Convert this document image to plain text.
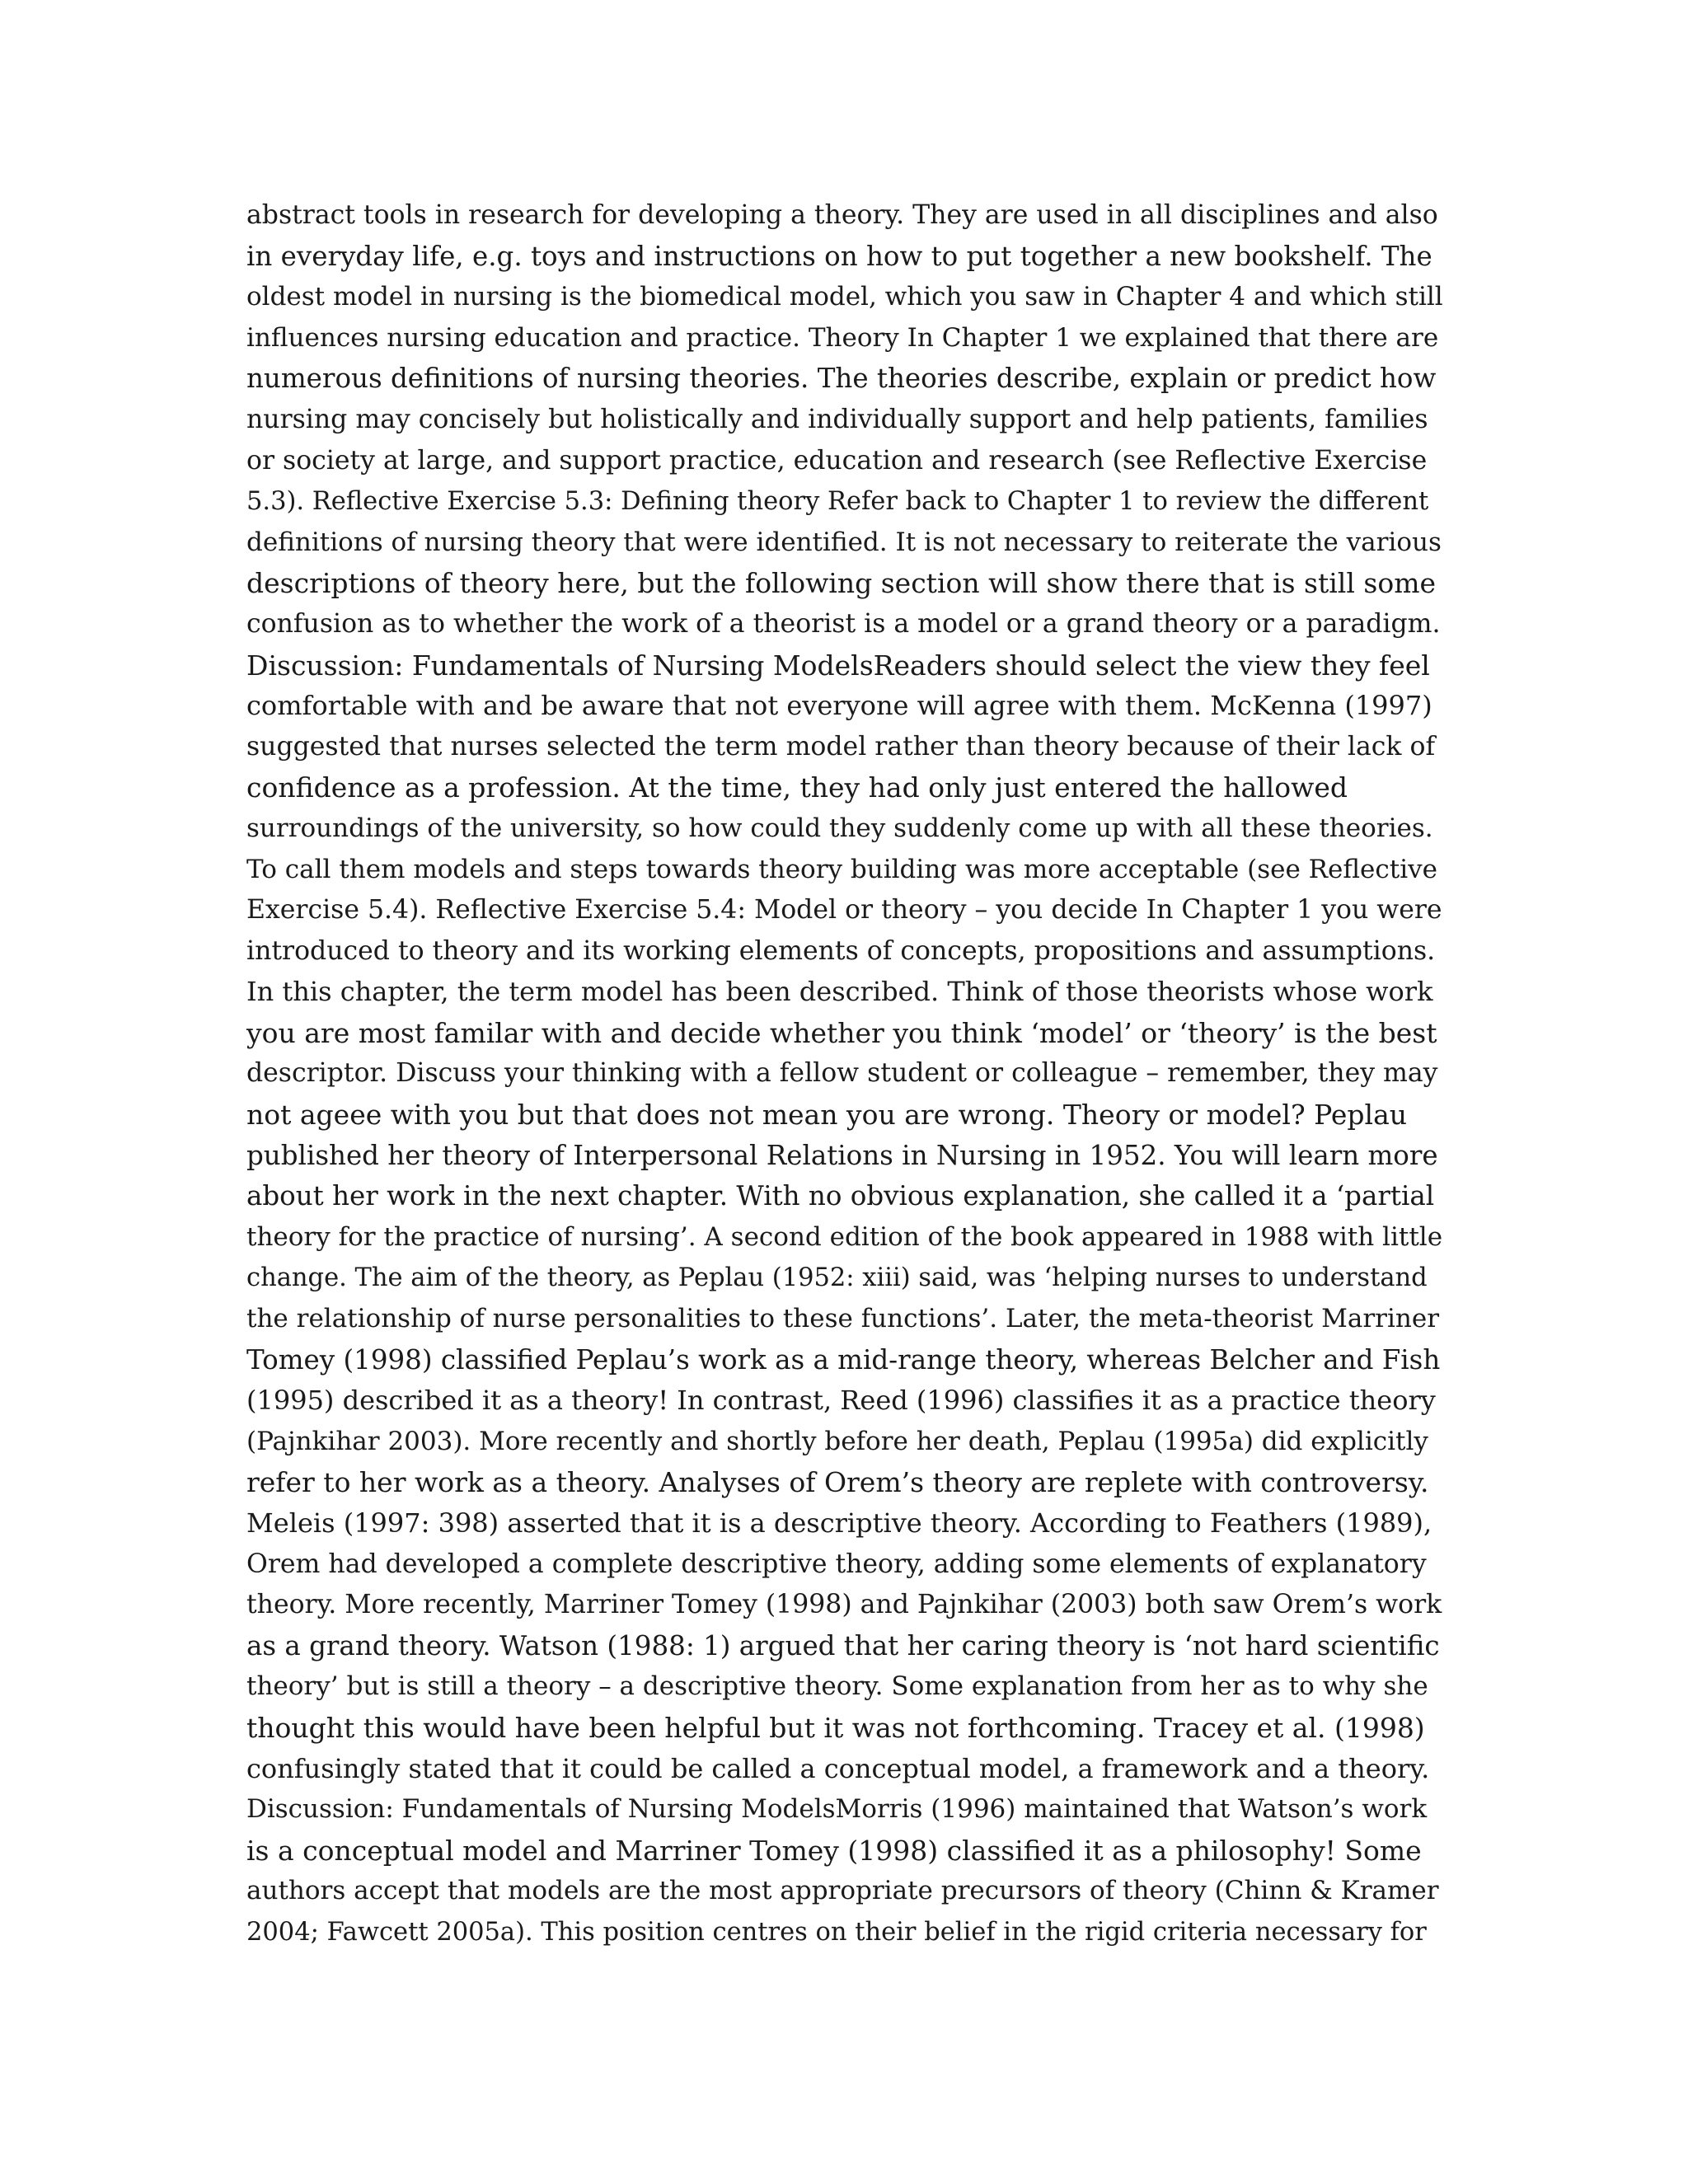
abstract tools in research for developing a theory. They are used in all disciplines and also
in everyday life, e.g. toys and instructions on how to put together a new bookshelf. The
oldest model in nursing is the biomedical model, which you saw in Chapter 4 and which still
influences nursing education and practice. Theory In Chapter 1 we explained that there are
numerous definitions of nursing theories. The theories describe, explain or predict how
nursing may concisely but holistically and individually support and help patients, families
or society at large, and support practice, education and research (see Reflective Exercise
5.3). Reflective Exercise 5.3: Defining theory Refer back to Chapter 1 to review the different
definitions of nursing theory that were identified. It is not necessary to reiterate the various
descriptions of theory here, but the following section will show there that is still some
confusion as to whether the work of a theorist is a model or a grand theory or a paradigm.
Discussion: Fundamentals of Nursing ModelsReaders should select the view they feel
comfortable with and be aware that not everyone will agree with them. McKenna (1997)
suggested that nurses selected the term model rather than theory because of their lack of
confidence as a profession. At the time, they had only just entered the hallowed
surroundings of the university, so how could they suddenly come up with all these theories.
To call them models and steps towards theory building was more acceptable (see Reflective
Exercise 5.4). Reflective Exercise 5.4: Model or theory – you decide In Chapter 1 you were
introduced to theory and its working elements of concepts, propositions and assumptions.
In this chapter, the term model has been described. Think of those theorists whose work
you are most familar with and decide whether you think ‘model’ or ‘theory’ is the best
descriptor. Discuss your thinking with a fellow student or colleague – remember, they may
not ageee with you but that does not mean you are wrong. Theory or model? Peplau
published her theory of Interpersonal Relations in Nursing in 1952. You will learn more
about her work in the next chapter. With no obvious explanation, she called it a ‘partial
theory for the practice of nursing’. A second edition of the book appeared in 1988 with little
change. The aim of the theory, as Peplau (1952: xiii) said, was ‘helping nurses to understand
the relationship of nurse personalities to these functions’. Later, the meta-theorist Marriner
Tomey (1998) classified Peplau’s work as a mid-range theory, whereas Belcher and Fish
(1995) described it as a theory! In contrast, Reed (1996) classifies it as a practice theory
(Pajnkihar 2003). More recently and shortly before her death, Peplau (1995a) did explicitly
refer to her work as a theory. Analyses of Orem’s theory are replete with controversy.
Meleis (1997: 398) asserted that it is a descriptive theory. According to Feathers (1989),
Orem had developed a complete descriptive theory, adding some elements of explanatory
theory. More recently, Marriner Tomey (1998) and Pajnkihar (2003) both saw Orem’s work
as a grand theory. Watson (1988: 1) argued that her caring theory is ‘not hard scientific
theory’ but is still a theory – a descriptive theory. Some explanation from her as to why she
thought this would have been helpful but it was not forthcoming. Tracey et al. (1998)
confusingly stated that it could be called a conceptual model, a framework and a theory.
Discussion: Fundamentals of Nursing ModelsMorris (1996) maintained that Watson’s work
is a conceptual model and Marriner Tomey (1998) classified it as a philosophy! Some
authors accept that models are the most appropriate precursors of theory (Chinn & Kramer
2004; Fawcett 2005a). This position centres on their belief in the rigid criteria necessary for
